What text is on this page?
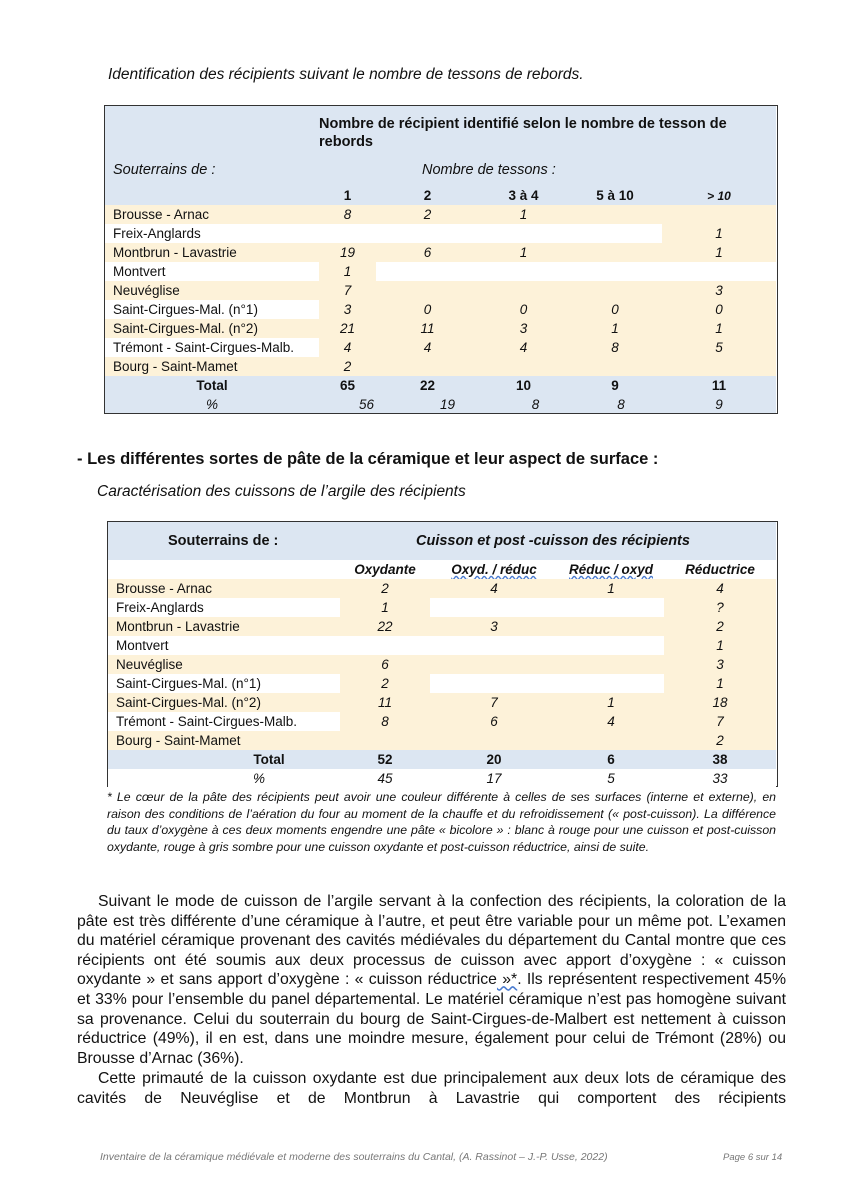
Identification des récipients suivant le nombre de tessons de rebords.
	Nombre de récipient identifié selon le nombre de tesson de rebords				
Souterrains de :	Nombre de tessons :				
	1	2	3 à 4	5 à 10	> 10
Brousse - Arnac	8	2	1		
Freix-Anglards					1
Montbrun - Lavastrie	19	6	1		1
Montvert	1				
Neuvéglise	7				3
Saint-Cirgues-Mal. (n°1)	3	0	0	0	0
Saint-Cirgues-Mal. (n°2)	21	11	3	1	1
Trémont - Saint-Cirgues-Malb.	4	4	4	8	5
Bourg - Saint-Mamet	2				
Total	65	22	10	9	11
%	56	19	8	8	9
- Les différentes sortes de pâte de la céramique et leur aspect de surface :
Caractérisation des cuissons de l’argile des récipients
Souterrains de :	Cuisson et post -cuisson des récipients			
	Oxydante	Oxyd. / réduc	Réduc / oxyd	Réductrice
Brousse - Arnac	2	4	1	4
Freix-Anglards	1			?
Montbrun - Lavastrie	22	3		2
Montvert				1
Neuvéglise	6			3
Saint-Cirgues-Mal. (n°1)	2			1
Saint-Cirgues-Mal. (n°2)	11	7	1	18
Trémont - Saint-Cirgues-Malb.	8	6	4	7
Bourg - Saint-Mamet				2
Total	52	20	6	38
%	45	17	5	33
* Le cœur de la pâte des récipients peut avoir une couleur différente à celles de ses surfaces (interne et externe), en raison des conditions de l’aération du four au moment de la chauffe et du refroidissement (« post-cuisson). La différence du taux d’oxygène à ces deux moments engendre une pâte « bicolore » : blanc à rouge pour une cuisson et post-cuisson oxydante, rouge à gris sombre pour une cuisson oxydante et post-cuisson réductrice, ainsi de suite.
Suivant le mode de cuisson de l’argile servant à la confection des récipients, la coloration de la pâte est très différente d’une céramique à l’autre, et peut être variable pour un même pot. L’examen du matériel céramique provenant des cavités médiévales du département du Cantal montre que ces récipients ont été soumis aux deux processus de cuisson avec apport d’oxygène : « cuisson oxydante » et sans apport d’oxygène : « cuisson réductrice »*. Ils représentent respectivement 45% et 33% pour l’ensemble du panel départemental. Le matériel céramique n’est pas homogène suivant sa provenance. Celui du souterrain du bourg de Saint-Cirgues-de-Malbert est nettement à cuisson réductrice (49%), il en est, dans une moindre mesure, également pour celui de Trémont (28%) ou Brousse d’Arnac (36%).
Cette primauté de la cuisson oxydante est due principalement aux deux lots de céramique des cavités de Neuvéglise et de Montbrun à Lavastrie qui comportent des récipients
Inventaire de la céramique médiévale et moderne des souterrains du Cantal, (A. Rassinot – J.-P. Usse, 2022)	Page 6 sur 14
